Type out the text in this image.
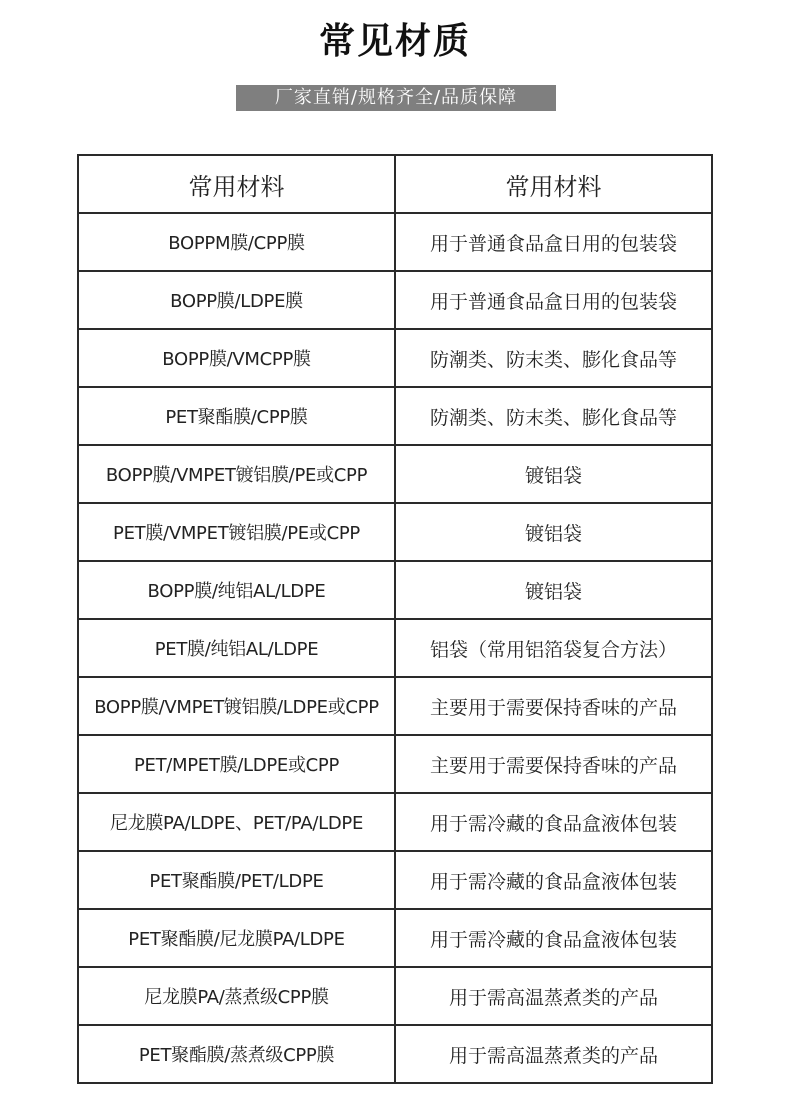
常见材质
厂家直销/规格齐全/品质保障
常用材料	常用材料
BOPPM膜/CPP膜	用于普通食品盒日用的包装袋
BOPP膜/LDPE膜	用于普通食品盒日用的包装袋
BOPP膜/VMCPP膜	防潮类、防末类、膨化食品等
PET聚酯膜/CPP膜	防潮类、防末类、膨化食品等
BOPP膜/VMPET镀铝膜/PE或CPP	镀铝袋
PET膜/VMPET镀铝膜/PE或CPP	镀铝袋
BOPP膜/纯铝AL/LDPE	镀铝袋
PET膜/纯铝AL/LDPE	铝袋（常用铝箔袋复合方法）
BOPP膜/VMPET镀铝膜/LDPE或CPP	主要用于需要保持香味的产品
PET/MPET膜/LDPE或CPP	主要用于需要保持香味的产品
尼龙膜PA/LDPE、PET/PA/LDPE	用于需冷藏的食品盒液体包装
PET聚酯膜/PET/LDPE	用于需冷藏的食品盒液体包装
PET聚酯膜/尼龙膜PA/LDPE	用于需冷藏的食品盒液体包装
尼龙膜PA/蒸煮级CPP膜	用于需高温蒸煮类的产品
PET聚酯膜/蒸煮级CPP膜	用于需高温蒸煮类的产品
